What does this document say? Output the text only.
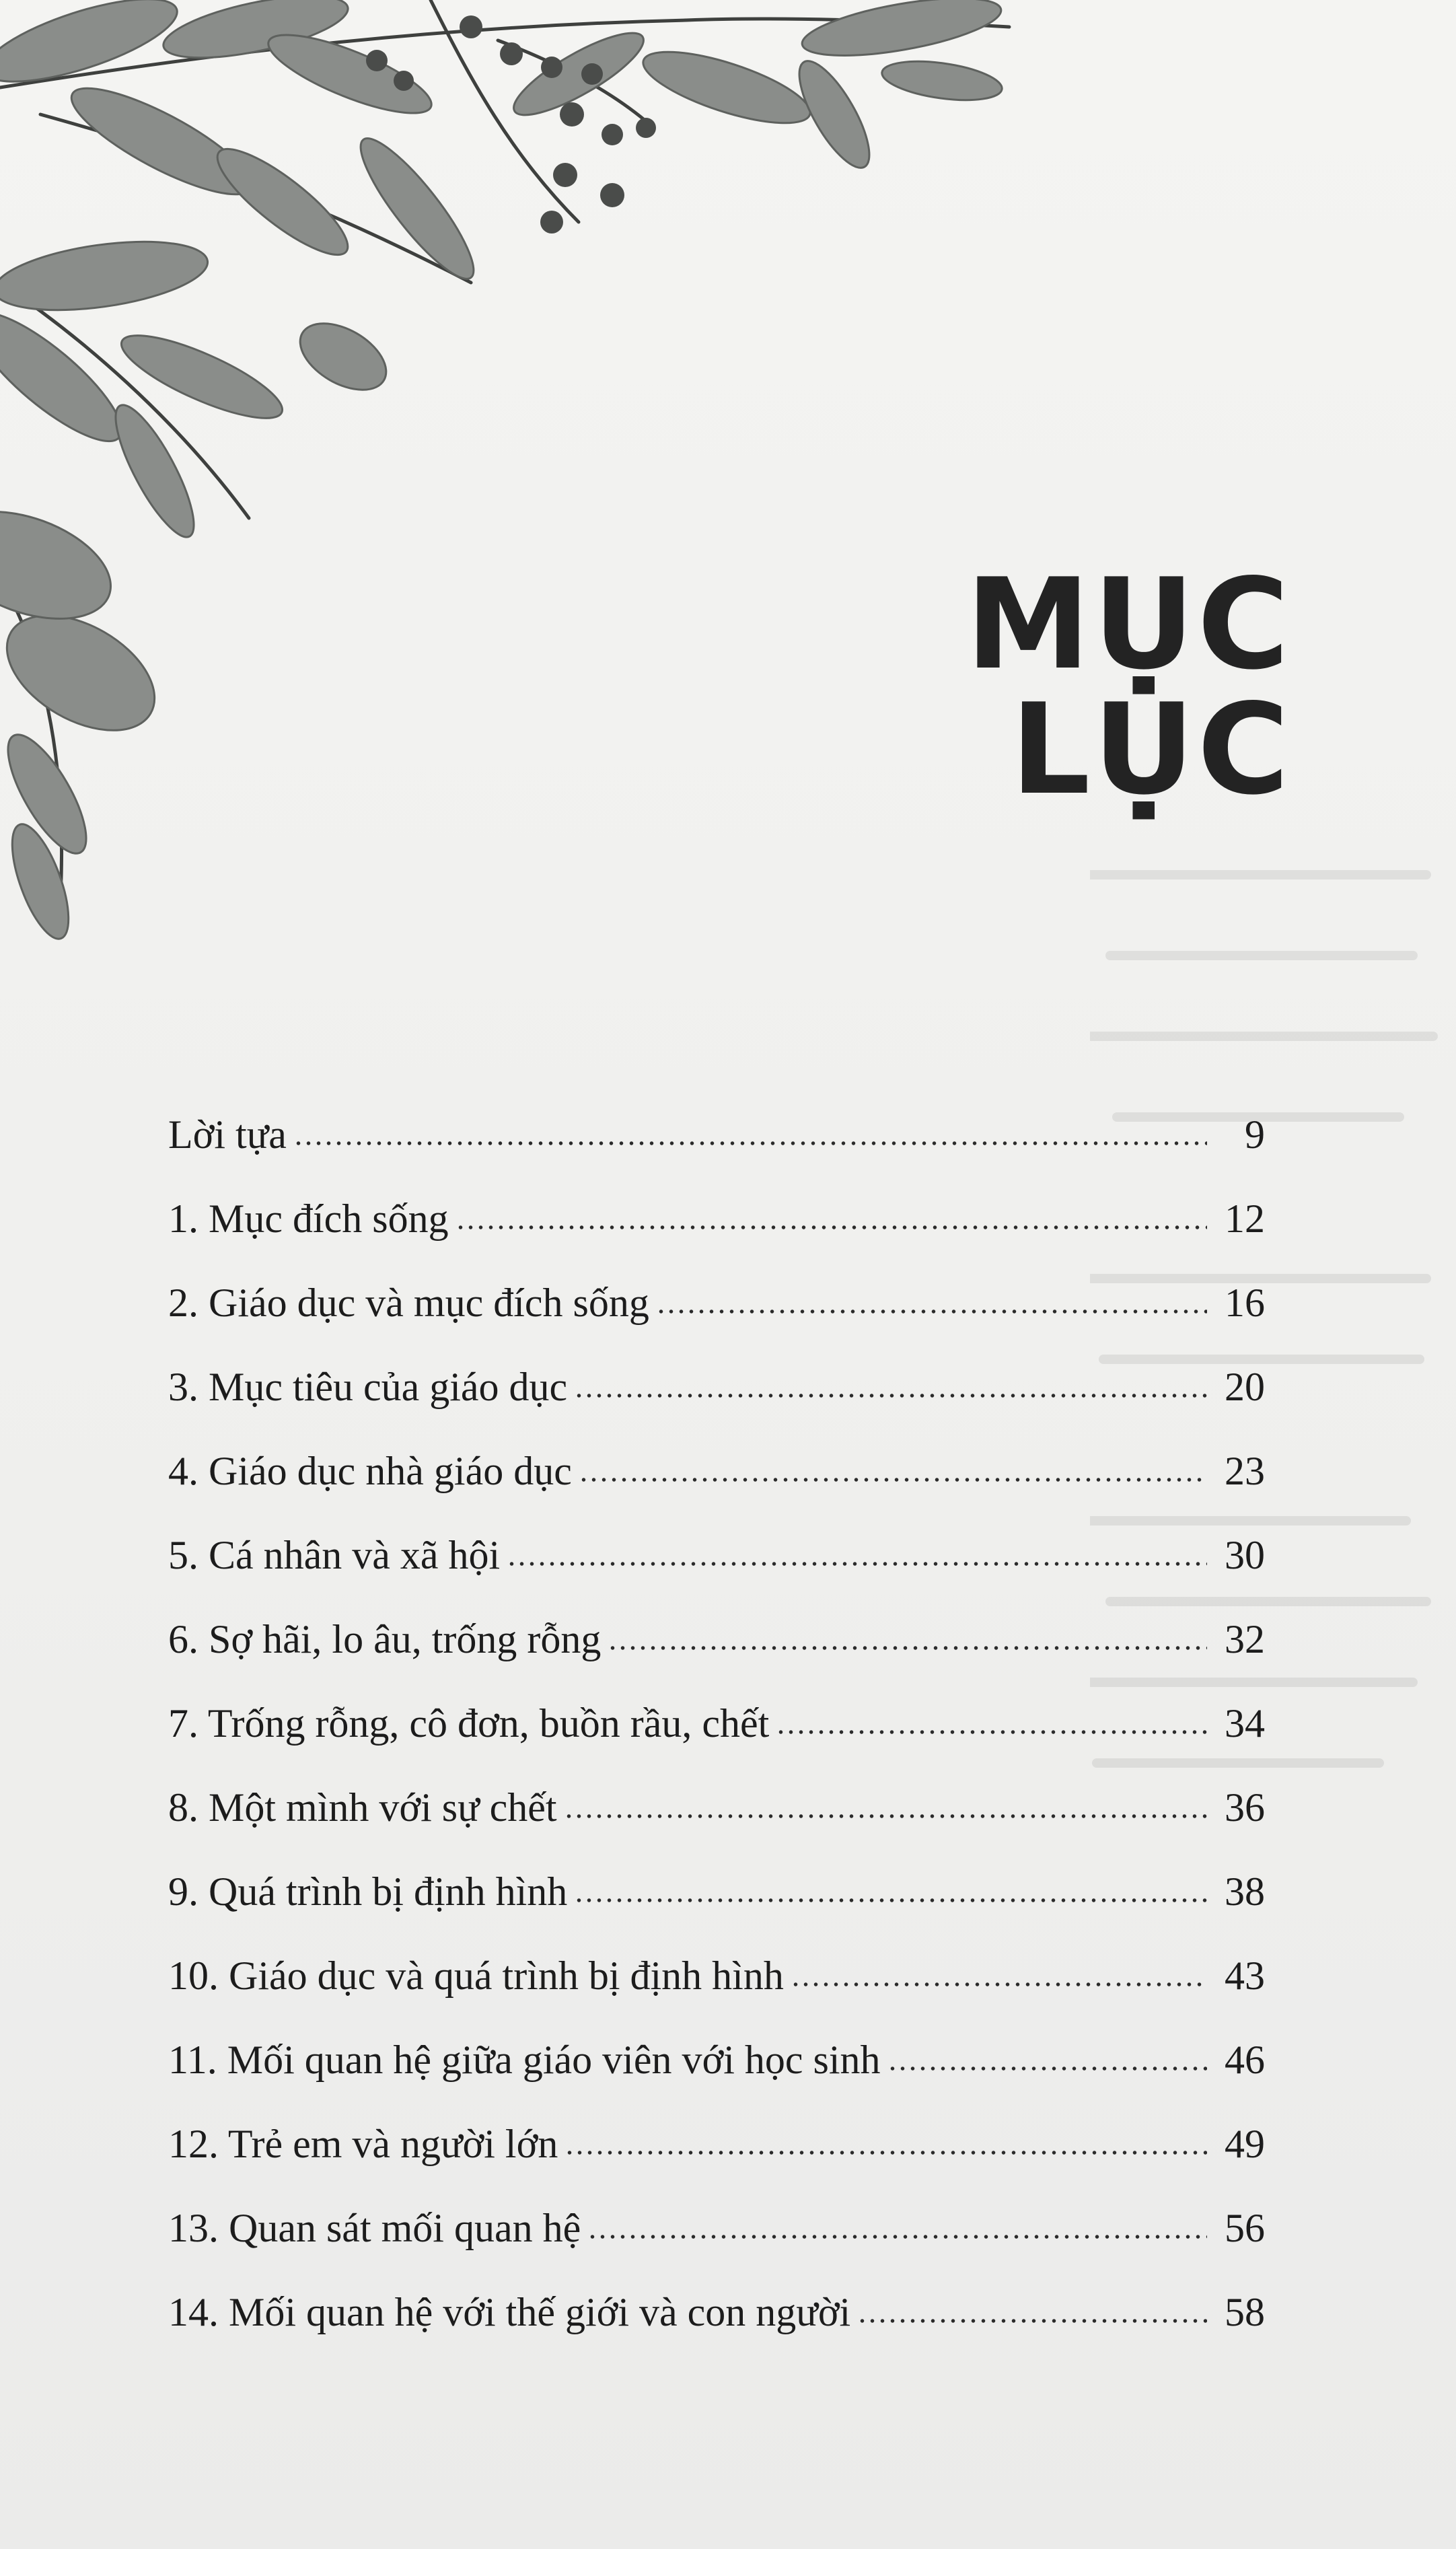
MỤC LỤC
Lời tựa	9
1. Mục đích sống	12
2. Giáo dục và mục đích sống	16
3. Mục tiêu của giáo dục	20
4. Giáo dục nhà giáo dục	23
5. Cá nhân và xã hội	30
6. Sợ hãi, lo âu, trống rỗng	32
7. Trống rỗng, cô đơn, buồn rầu, chết	34
8. Một mình với sự chết	36
9. Quá trình bị định hình	38
10. Giáo dục và quá trình bị định hình	43
11. Mối quan hệ giữa giáo viên với học sinh	46
12. Trẻ em và người lớn	49
13. Quan sát mối quan hệ	56
14. Mối quan hệ với thế giới và con người	58
